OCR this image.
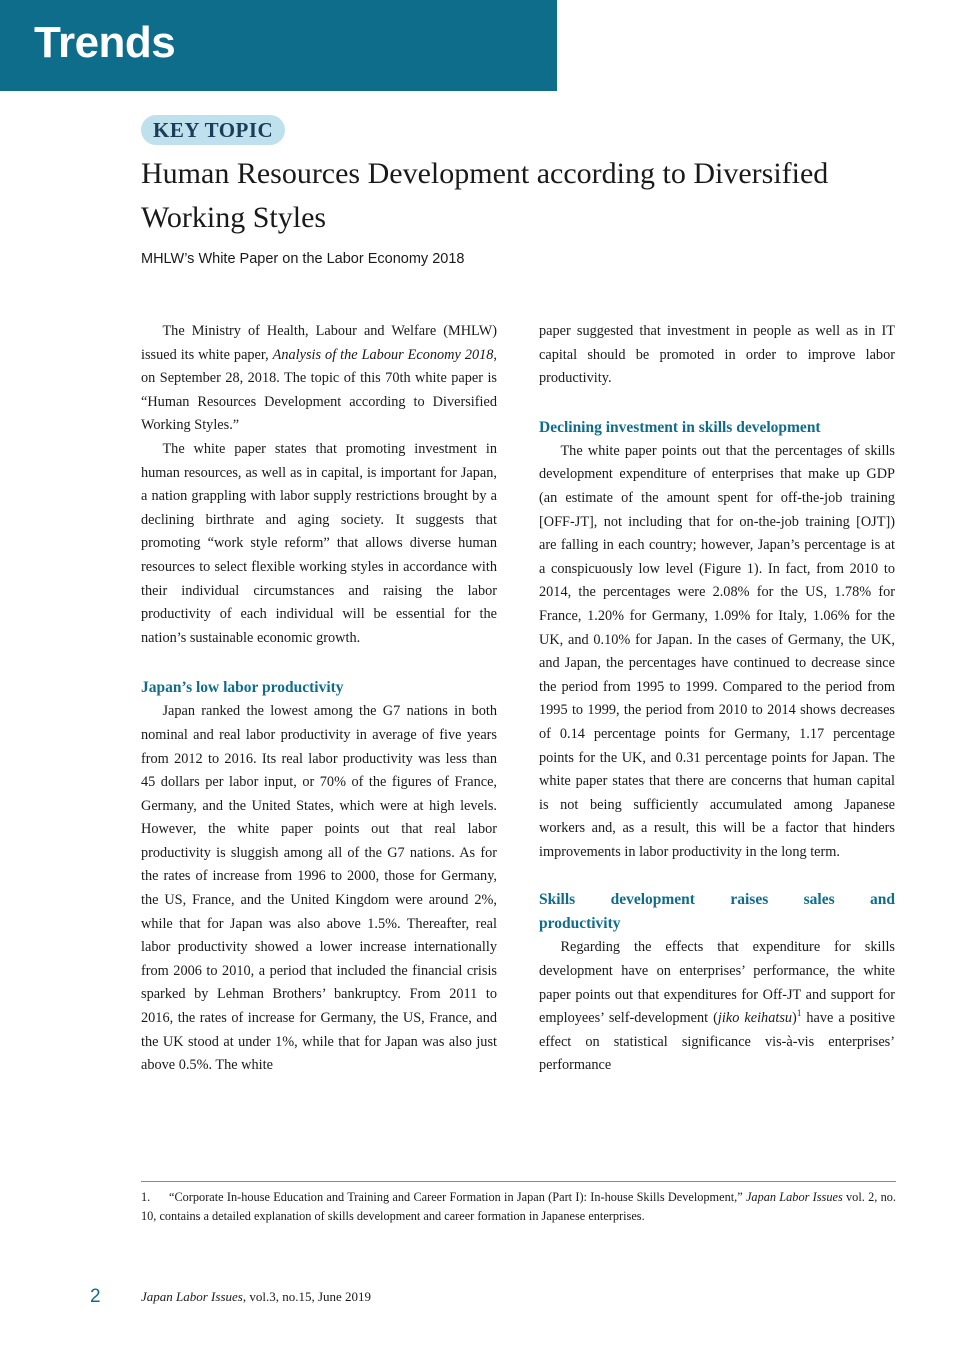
Trends
KEY TOPIC
Human Resources Development according to Diversified Working Styles
MHLW’s White Paper on the Labor Economy 2018

The Ministry of Health, Labour and Welfare (MHLW) issued its white paper, Analysis of the Labour Economy 2018, on September 28, 2018. The topic of this 70th white paper is “Human Resources Development according to Diversified Working Styles.”

The white paper states that promoting investment in human resources, as well as in capital, is important for Japan, a nation grappling with labor supply restrictions brought by a declining birthrate and aging society. It suggests that promoting “work style reform” that allows diverse human resources to select flexible working styles in accordance with their individual circumstances and raising the labor productivity of each individual will be essential for the nation’s sustainable economic growth.

Japan’s low labor productivity

Japan ranked the lowest among the G7 nations in both nominal and real labor productivity in average of five years from 2012 to 2016. Its real labor productivity was less than 45 dollars per labor input, or 70% of the figures of France, Germany, and the United States, which were at high levels. However, the white paper points out that real labor productivity is sluggish among all of the G7 nations. As for the rates of increase from 1996 to 2000, those for Germany, the US, France, and the United Kingdom were around 2%, while that for Japan was also above 1.5%. Thereafter, real labor productivity showed a lower increase internationally from 2006 to 2010, a period that included the financial crisis sparked by Lehman Brothers’ bankruptcy. From 2011 to 2016, the rates of increase for Germany, the US, France, and the UK stood at under 1%, while that for Japan was also just above 0.5%. The white

paper suggested that investment in people as well as in IT capital should be promoted in order to improve labor productivity.

Declining investment in skills development

The white paper points out that the percentages of skills development expenditure of enterprises that make up GDP (an estimate of the amount spent for off-the-job training [OFF-JT], not including that for on-the-job training [OJT]) are falling in each country; however, Japan’s percentage is at a conspicuously low level (Figure 1). In fact, from 2010 to 2014, the percentages were 2.08% for the US, 1.78% for France, 1.20% for Germany, 1.09% for Italy, 1.06% for the UK, and 0.10% for Japan. In the cases of Germany, the UK, and Japan, the percentages have continued to decrease since the period from 1995 to 1999. Compared to the period from 1995 to 1999, the period from 2010 to 2014 shows decreases of 0.14 percentage points for Germany, 1.17 percentage points for the UK, and 0.31 percentage points for Japan. The white paper states that there are concerns that human capital is not being sufficiently accumulated among Japanese workers and, as a result, this will be a factor that hinders improvements in labor productivity in the long term.

Skills development raises sales and
productivity

Regarding the effects that expenditure for skills development have on enterprises’ performance, the white paper points out that expenditures for Off-JT and support for employees’ self-development (jiko keihatsu)$^1$ have a positive effect on statistical significance vis-à-vis enterprises’ performance

1. “Corporate In-house Education and Training and Career Formation in Japan (Part I): In-house Skills Development,” Japan Labor Issues vol. 2, no. 10, contains a detailed explanation of skills development and career formation in Japanese enterprises.
2	Japan Labor Issues, vol.3, no.15, June 2019
